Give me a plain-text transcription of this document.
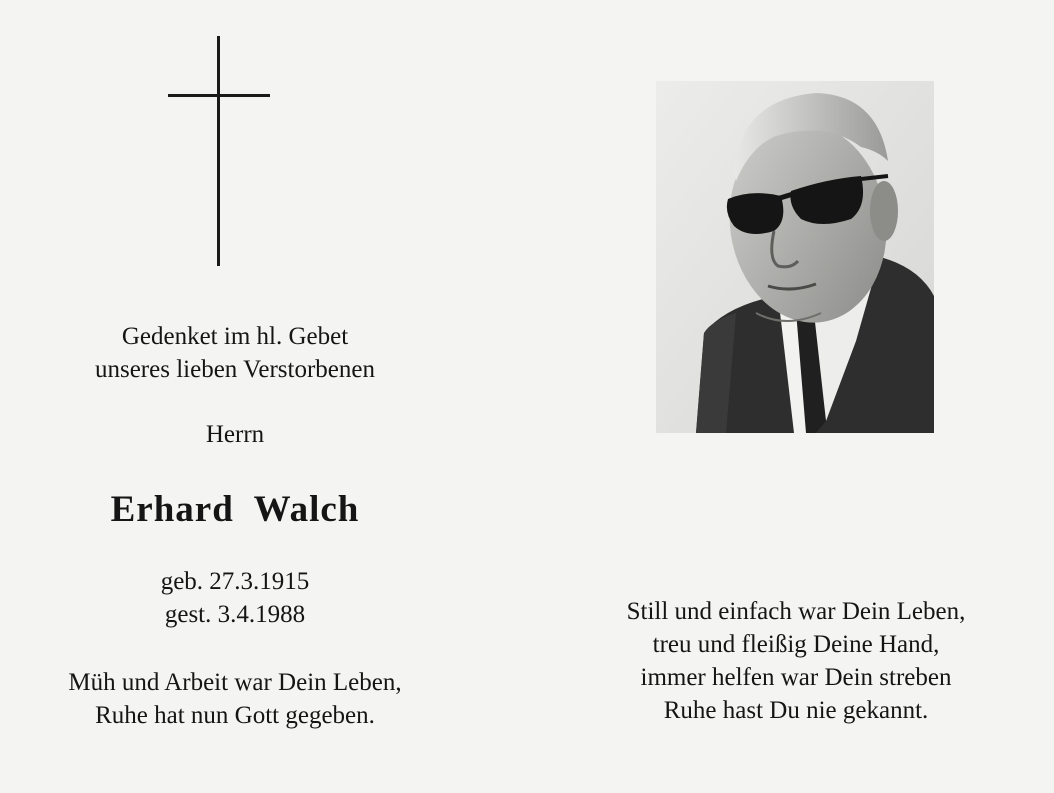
Gedenket im hl. Gebet
unseres lieben Verstorbenen
Herrn
Erhard  Walch
geb. 27.3.1915
gest. 3.4.1988
Müh und Arbeit war Dein Leben,
Ruhe hat nun Gott gegeben.
Still und einfach war Dein Leben,
treu und fleißig Deine Hand,
immer helfen war Dein streben
Ruhe hast Du nie gekannt.
